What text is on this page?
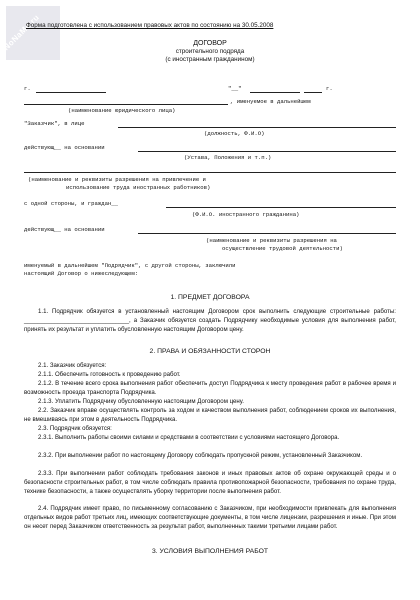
NoNaMe.ru
Форма подготовлена с использованием правовых актов по состоянию на 30.05.2008
ДОГОВОР
строительного подряда
(с иностранным гражданином)
г.	"__"	г.
, именуемое в дальнейшем
(наименование юридического лица)
"Заказчик", в лице
(должность, Ф.И.О)
действующ__ на основании
(Устава, Положения и т.п.)
(наименование и реквизиты разрешения на привлечение и
использование труда иностранных работников)
с одной стороны, и граждан__
(Ф.И.О. иностранного гражданина)
действующ__ на основании
(наименование и реквизиты разрешения на
осуществление трудовой деятельности)
именуемый в дальнейшем "Подрядчик", с другой стороны, заключили
настоящий Договор о нижеследующем:
1. ПРЕДМЕТ ДОГОВОРА
1.1. Подрядчик обязуется в установленный настоящим Договором срок выполнить следующие строительные работы: _______________________________, а Заказчик обязуется создать Подрядчику необходимые условия для выполнения работ, принять их результат и уплатить обусловленную настоящим Договором цену.
2. ПРАВА И ОБЯЗАННОСТИ СТОРОН
2.1. Заказчик обязуется:
2.1.1. Обеспечить готовность к проведению работ.
2.1.2. В течение всего срока выполнения работ обеспечить доступ Подрядчика к месту проведения работ в рабочее время и возможность проезда транспорта Подрядчика.
2.1.3. Уплатить Подрядчику обусловленную настоящим Договором цену.
2.2. Заказчик вправе осуществлять контроль за ходом и качеством выполнения работ, соблюдением сроков их выполнения, не вмешиваясь при этом в деятельность Подрядчика.
2.3. Подрядчик обязуется:
2.3.1. Выполнить работы своими силами и средствами в соответствии с условиями настоящего Договора.
2.3.2. При выполнении работ по настоящему Договору соблюдать пропускной режим, установленный Заказчиком.
2.3.3. При выполнении работ соблюдать требования законов и иных правовых актов об охране окружающей среды и о безопасности строительных работ, в том числе соблюдать правила противопожарной безопасности, требования по охране труда, технике безопасности, а также осуществлять уборку территории после выполнения работ.
2.4. Подрядчик имеет право, по письменному согласованию с Заказчиком, при необходимости привлекать для выполнения отдельных видов работ третьих лиц, имеющих соответствующие документы, в том числе лицензии, разрешения и иные. При этом он несет перед Заказчиком ответственность за результат работ, выполненных такими третьими лицами работ.
3. УСЛОВИЯ ВЫПОЛНЕНИЯ РАБОТ
